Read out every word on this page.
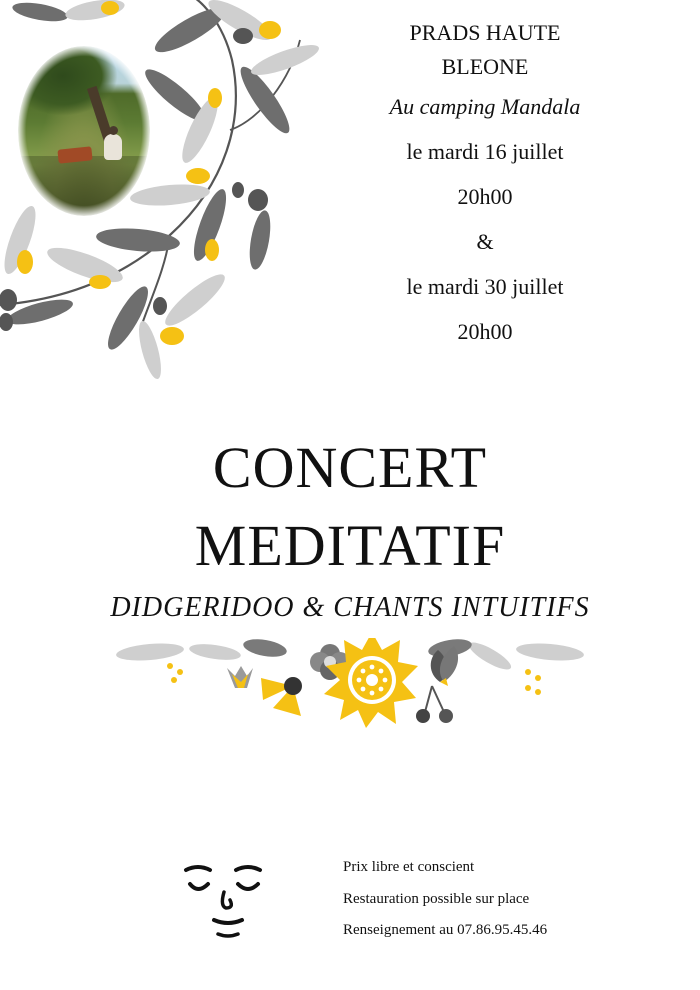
PRADS HAUTE
BLEONE
Au camping Mandala
le mardi 16 juillet
20h00
&
le mardi 30 juillet
20h00
CONCERT
MEDITATIF
DIDGERIDOO & CHANTS INTUITIFS
Prix libre et conscient
Restauration possible sur place
Renseignement au 07.86.95.45.46
